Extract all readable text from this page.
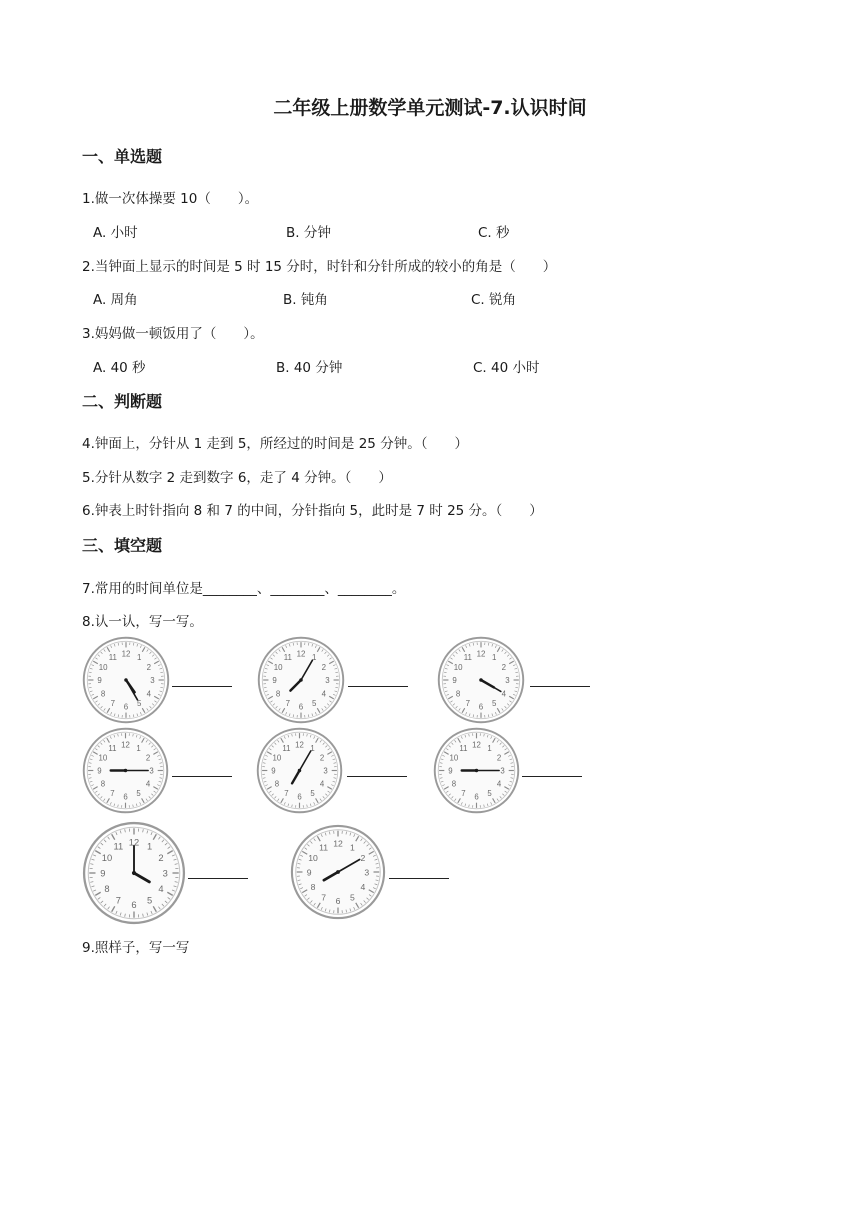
二年级上册数学单元测试-7.认识时间
一、单选题
1.做一次体操要 10（　　）。
A. 小时	B. 分钟	C. 秒
2.当钟面上显示的时间是 5 时 15 分时，时针和分针所成的较小的角是（　　）
A. 周角	B. 钝角	C. 锐角
3.妈妈做一顿饭用了（　　）。
A. 40 秒	B. 40 分钟	C. 40 小时
二、判断题
4.钟面上，分针从 1 走到 5，所经过的时间是 25 分钟。（　　）
5.分针从数字 2 走到数字 6，走了 4 分钟。（　　）
6.钟表上时针指向 8 和 7 的中间，分针指向 5，此时是 7 时 25 分。（　　）
三、填空题
7.常用的时间单位是________、________、________。
8.认一认，写一写。
12 1
2
3
4
5
6
7
8
9
10
11	12 1
2
3
4
5
6
7
8
9
10
11	12 1
2
3
4
5
6
7
8
9
10
11
12 1
2
3
4
5
6
7
8
9
10
11	12 1
2
3
4
5
6
7
8
9
10
11	12 1
2
3
4
5
6
7
8
9
10
11
12 1
2
3
4
5
6
7
8
9
10
11	12 1
2
3
4
5
6
7
8
9
10
11
9.照样子，写一写
